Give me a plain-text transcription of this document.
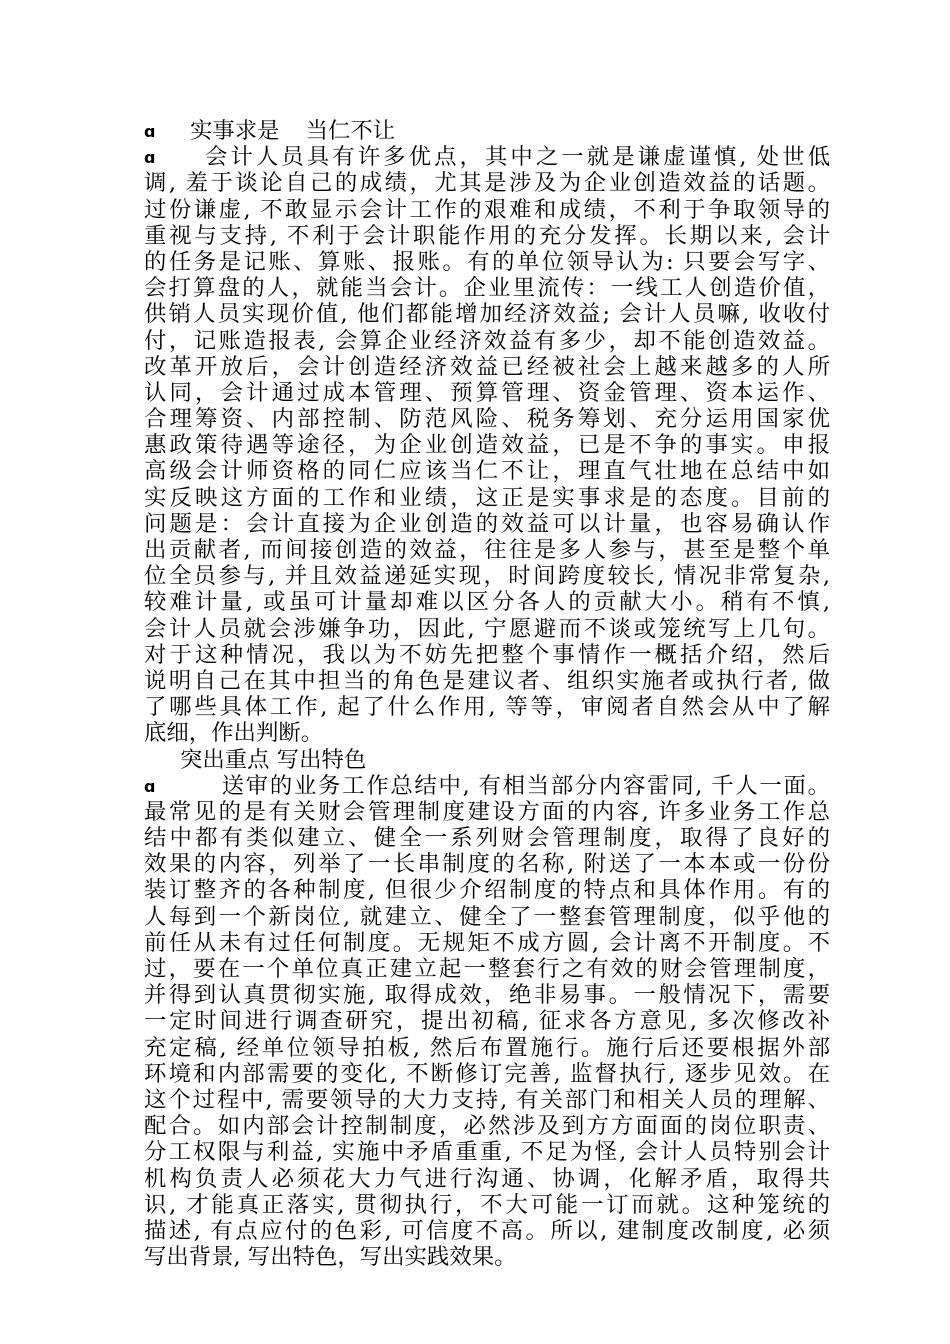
ɑ 实事求是 当仁不让
ɑ 会计人员具有许多优点，其中之一就是谦虚谨慎, 处世低
调, 羞于谈论自己的成绩，尤其是涉及为企业创造效益的话题。
过份谦虚, 不敢显示会计工作的艰难和成绩，不利于争取领导的
重视与支持, 不利于会计职能作用的充分发挥。长期以来, 会计
的任务是记账、算账、报账。有的单位领导认为: 只要会写字、
会打算盘的人，就能当会计。企业里流传：一线工人创造价值，
供销人员实现价值, 他们都能增加经济效益; 会计人员嘛, 收收付
付，记账造报表, 会算企业经济效益有多少，却不能创造效益。
改革开放后，会计创造经济效益已经被社会上越来越多的人所
认同，会计通过成本管理、预算管理、资金管理、资本运作、
合理筹资、内部控制、防范风险、税务筹划、充分运用国家优
惠政策待遇等途径，为企业创造效益，已是不争的事实。申报
高级会计师资格的同仁应该当仁不让，理直气壮地在总结中如
实反映这方面的工作和业绩，这正是实事求是的态度。目前的
问题是：会计直接为企业创造的效益可以计量，也容易确认作
出贡献者, 而间接创造的效益，往往是多人参与，甚至是整个单
位全员参与, 并且效益递延实现，时间跨度较长, 情况非常复杂,
较难计量, 或虽可计量却难以区分各人的贡献大小。稍有不慎,
会计人员就会涉嫌争功，因此, 宁愿避而不谈或笼统写上几句。
对于这种情况，我以为不妨先把整个事情作一概括介绍，然后
说明自己在其中担当的角色是建议者、组织实施者或执行者, 做
了哪些具体工作, 起了什么作用, 等等，审阅者自然会从中了解
底细，作出判断。
突出重点 写出特色
ɑ	送审的业务工作总结中, 有相当部分内容雷同, 千人一面。
最常见的是有关财会管理制度建设方面的内容, 许多业务工作总
结中都有类似建立、健全一系列财会管理制度，取得了良好的
效果的内容，列举了一长串制度的名称, 附送了一本本或一份份
装订整齐的各种制度, 但很少介绍制度的特点和具体作用。有的
人每到一个新岗位, 就建立、健全了一整套管理制度，似乎他的
前任从未有过任何制度。无规矩不成方圆, 会计离不开制度。不
过，要在一个单位真正建立起一整套行之有效的财会管理制度，
并得到认真贯彻实施, 取得成效，绝非易事。一般情况下，需要
一定时间进行调查研究，提出初稿, 征求各方意见, 多次修改补
充定稿, 经单位领导拍板, 然后布置施行。施行后还要根据外部
环境和内部需要的变化, 不断修订完善, 监督执行, 逐步见效。在
这个过程中, 需要领导的大力支持, 有关部门和相关人员的理解、
配合。如内部会计控制制度，必然涉及到方方面面的岗位职责、
分工权限与利益, 实施中矛盾重重, 不足为怪, 会计人员特别会计
机构负责人必须花大力气进行沟通、协调，化解矛盾，取得共
识, 才能真正落实, 贯彻执行，不大可能一订而就。这种笼统的
描述, 有点应付的色彩, 可信度不高。所以, 建制度改制度, 必须
写出背景, 写出特色，写出实践效果。
